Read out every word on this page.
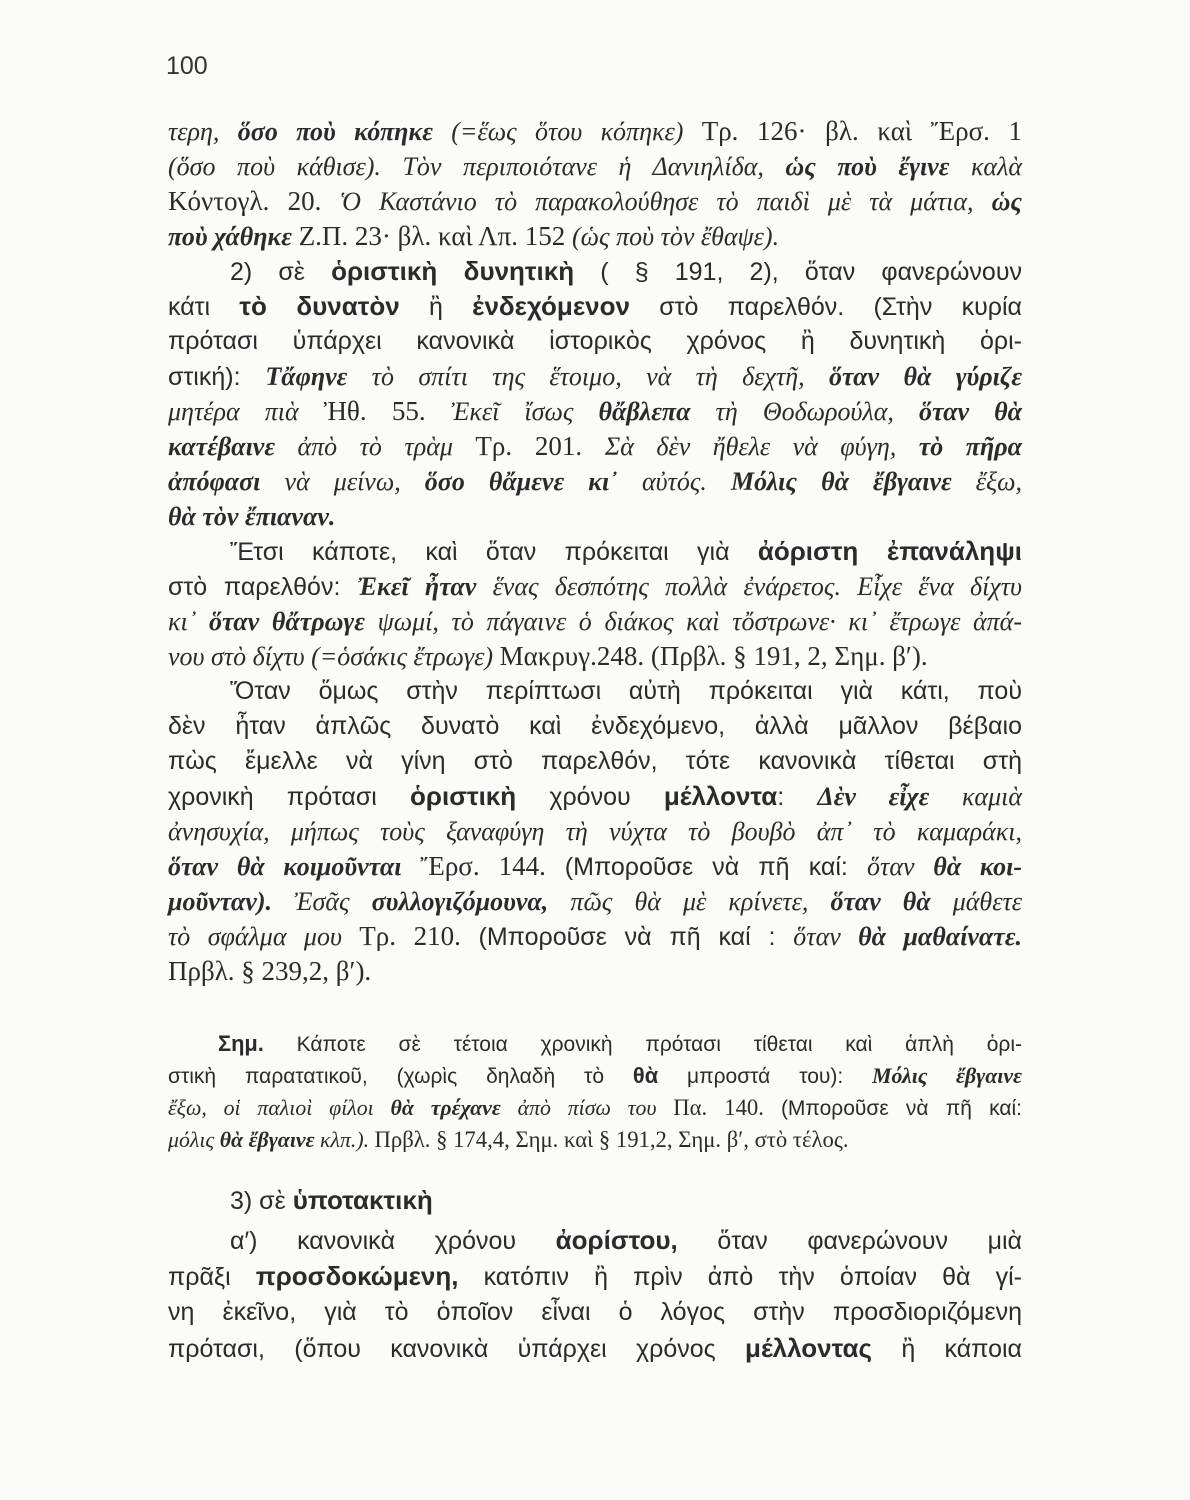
100
τερη, ὅσο ποὺ κόπηκε (=ἕως ὅτου κόπηκε) Τρ. 126· βλ. καὶ Ἔρσ. 1
(ὅσο ποὺ κάθισε). Τὸν περιποιότανε ἡ Δανιηλίδα, ὡς ποὺ ἔγινε καλὰ
Κόντογλ. 20. Ὁ Καστάνιο τὸ παρακολούθησε τὸ παιδὶ μὲ τὰ μάτια, ὡς
ποὺ χάθηκε Ζ.Π. 23· βλ. καὶ Λπ. 152 (ὡς ποὺ τὸν ἔθαψε).
2) σὲ ὁριστικὴ δυνητικὴ ( § 191, 2), ὅταν φανερώνουν
κάτι τὸ δυνατὸν ἢ ἐνδεχόμενον στὸ παρελθόν. (Στὴν κυρία
πρότασι ὑπάρχει κανονικὰ ἱστορικὸς χρόνος ἢ δυνητικὴ ὁρι-
στική): Τἄφηνε τὸ σπίτι της ἕτοιμο, νὰ τὴ δεχτῆ, ὅταν θὰ γύριζε
μητέρα πιὰ Ἠθ. 55. Ἐκεῖ ἴσως θἄβλεπα τὴ Θοδωρούλα, ὅταν θὰ
κατέβαινε ἀπὸ τὸ τρὰμ Τρ. 201. Σὰ δὲν ἤθελε νὰ φύγη, τὸ πῆρα
ἀπόφασι νὰ μείνω, ὅσο θἄμενε κι᾽ αὐτός. Μόλις θὰ ἔβγαινε ἔξω,
θὰ τὸν ἔπιαναν.
Ἔτσι κάποτε, καὶ ὅταν πρόκειται γιὰ ἀόριστη ἐπανάληψι
στὸ παρελθόν: Ἐκεῖ ἦταν ἕνας δεσπότης πολλὰ ἐνάρετος. Εἶχε ἕνα δίχτυ
κι᾽ ὅταν θἄτρωγε ψωμί, τὸ πάγαινε ὁ διάκος καὶ τὄστρωνε· κι᾽ ἔτρωγε ἀπά-
νου στὸ δίχτυ (=ὁσάκις ἔτρωγε) Μακρυγ.248. (Πρβλ. § 191, 2, Σημ. β′).
Ὅταν ὅμως στὴν περίπτωσι αὐτὴ πρόκειται γιὰ κάτι, ποὺ
δὲν ἦταν ἁπλῶς δυνατὸ καὶ ἐνδεχόμενο, ἀλλὰ μᾶλλον βέβαιο
πὼς ἔμελλε νὰ γίνη στὸ παρελθόν, τότε κανονικὰ τίθεται στὴ
χρονικὴ πρότασι ὁριστικὴ χρόνου μέλλοντα: Δὲν εἶχε καμιὰ
ἀνησυχία, μήπως τοὺς ξαναφύγη τὴ νύχτα τὸ βουβὸ ἀπ᾽ τὸ καμαράκι,
ὅταν θὰ κοιμοῦνται Ἔρσ. 144. (Μποροῦσε νὰ πῆ καί: ὅταν θὰ κοι-
μοῦνταν). Ἐσᾶς συλλογιζόμουνα, πῶς θὰ μὲ κρίνετε, ὅταν θὰ μάθετε
τὸ σφάλμα μου Τρ. 210. (Μποροῦσε νὰ πῆ καί : ὅταν θὰ μαθαίνατε.
Πρβλ. § 239,2, β′).
Σημ. Κάποτε σὲ τέτοια χρονικὴ πρότασι τίθεται καὶ ἁπλὴ ὁρι-
στικὴ παρατατικοῦ, (χωρὶς δηλαδὴ τὸ θὰ μπροστά του): Μόλις ἔβγαινε
ἔξω, οἱ παλιοὶ φίλοι θὰ τρέχανε ἀπὸ πίσω του Πα. 140. (Μποροῦσε νὰ πῆ καί:
μόλις θὰ ἔβγαινε κλπ.). Πρβλ. § 174,4, Σημ. καὶ § 191,2, Σημ. β′, στὸ τέλος.
3) σὲ ὑποτακτικὴ
α′) κανονικὰ χρόνου ἀορίστου, ὅταν φανερώνουν μιὰ
πρᾶξι προσδοκώμενη, κατόπιν ἢ πρὶν ἀπὸ τὴν ὁποίαν θὰ γί-
νη ἐκεῖνο, γιὰ τὸ ὁποῖον εἶναι ὁ λόγος στὴν προσδιοριζόμενη
πρότασι, (ὅπου κανονικὰ ὑπάρχει χρόνος μέλλοντας ἢ κάποια
